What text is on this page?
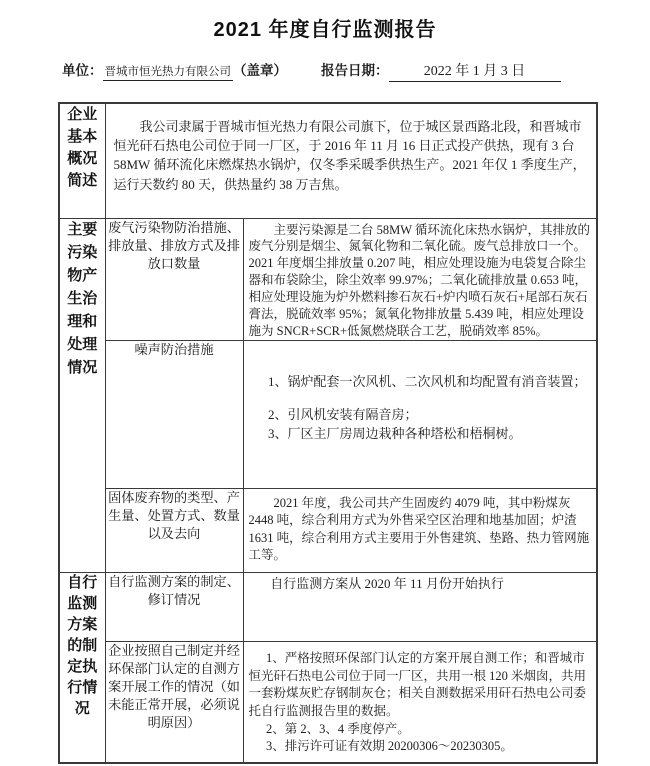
2021 年度自行监测报告
单位： 晋城市恒光热力有限公司 （盖章）	报告日期：	2022 年 1 月 3 日
企业基本概况简述	我公司隶属于晋城市恒光热力有限公司旗下，位于城区景西路北段，和晋城市恒光矸石热电公司位于同一厂区，于 2016 年 11 月 16 日正式投产供热，现有 3 台 58MW 循环流化床燃煤热水锅炉，仅冬季采暖季供热生产。2021 年仅 1 季度生产，运行天数约 80 天，供热量约 38 万吉焦。	

主要污染物产生治理和处理情况	废气污染物防治措施、排放量、排放方式及排放口数量	主要污染源是二台 58MW 循环流化床热水锅炉，其排放的废气分别是烟尘、氮氧化物和二氧化硫。废气总排放口一个。2021 年度烟尘排放量 0.207 吨，相应处理设施为电袋复合除尘器和布袋除尘，除尘效率 99.97%；二氧化硫排放量 0.653 吨，相应处理设施为炉外燃料掺石灰石+炉内喷石灰石+尾部石灰石膏法，脱硫效率 95%；氮氧化物排放量 5.439 吨，相应处理设施为 SNCR+SCR+低氮燃烧联合工艺，脱硝效率 85%。

	噪声防治措施	1、锅炉配套一次风机、二次风机和均配置有消音装置；

2、引风机安装有隔音房；

3、厂区主厂房周边栽种各种塔松和梧桐树。

	固体废弃物的类型、产生量、处置方式、数量以及去向	2021 年度，我公司共产生固废约 4079 吨，其中粉煤灰 2448 吨，综合利用方式为外售采空区治理和地基加固；炉渣 1631 吨，综合利用方式主要用于外售建筑、垫路、热力管网施工等。

自行监测方案的制定执行情况	自行监测方案的制定、修订情况	自行监测方案从 2020 年 11 月份开始执行

	企业按照自己制定并经环保部门认定的自测方案开展工作的情况（如未能正常开展，必须说明原因）	1、严格按照环保部门认定的方案开展自测工作；和晋城市恒光矸石热电公司位于同一厂区，共用一根 120 米烟囱，共用一套粉煤灰贮存钢制灰仓；相关自测数据采用矸石热电公司委托自行监测报告里的数据。

2、第 2、3、4 季度停产。

3、排污许可证有效期 20200306～20230305。
